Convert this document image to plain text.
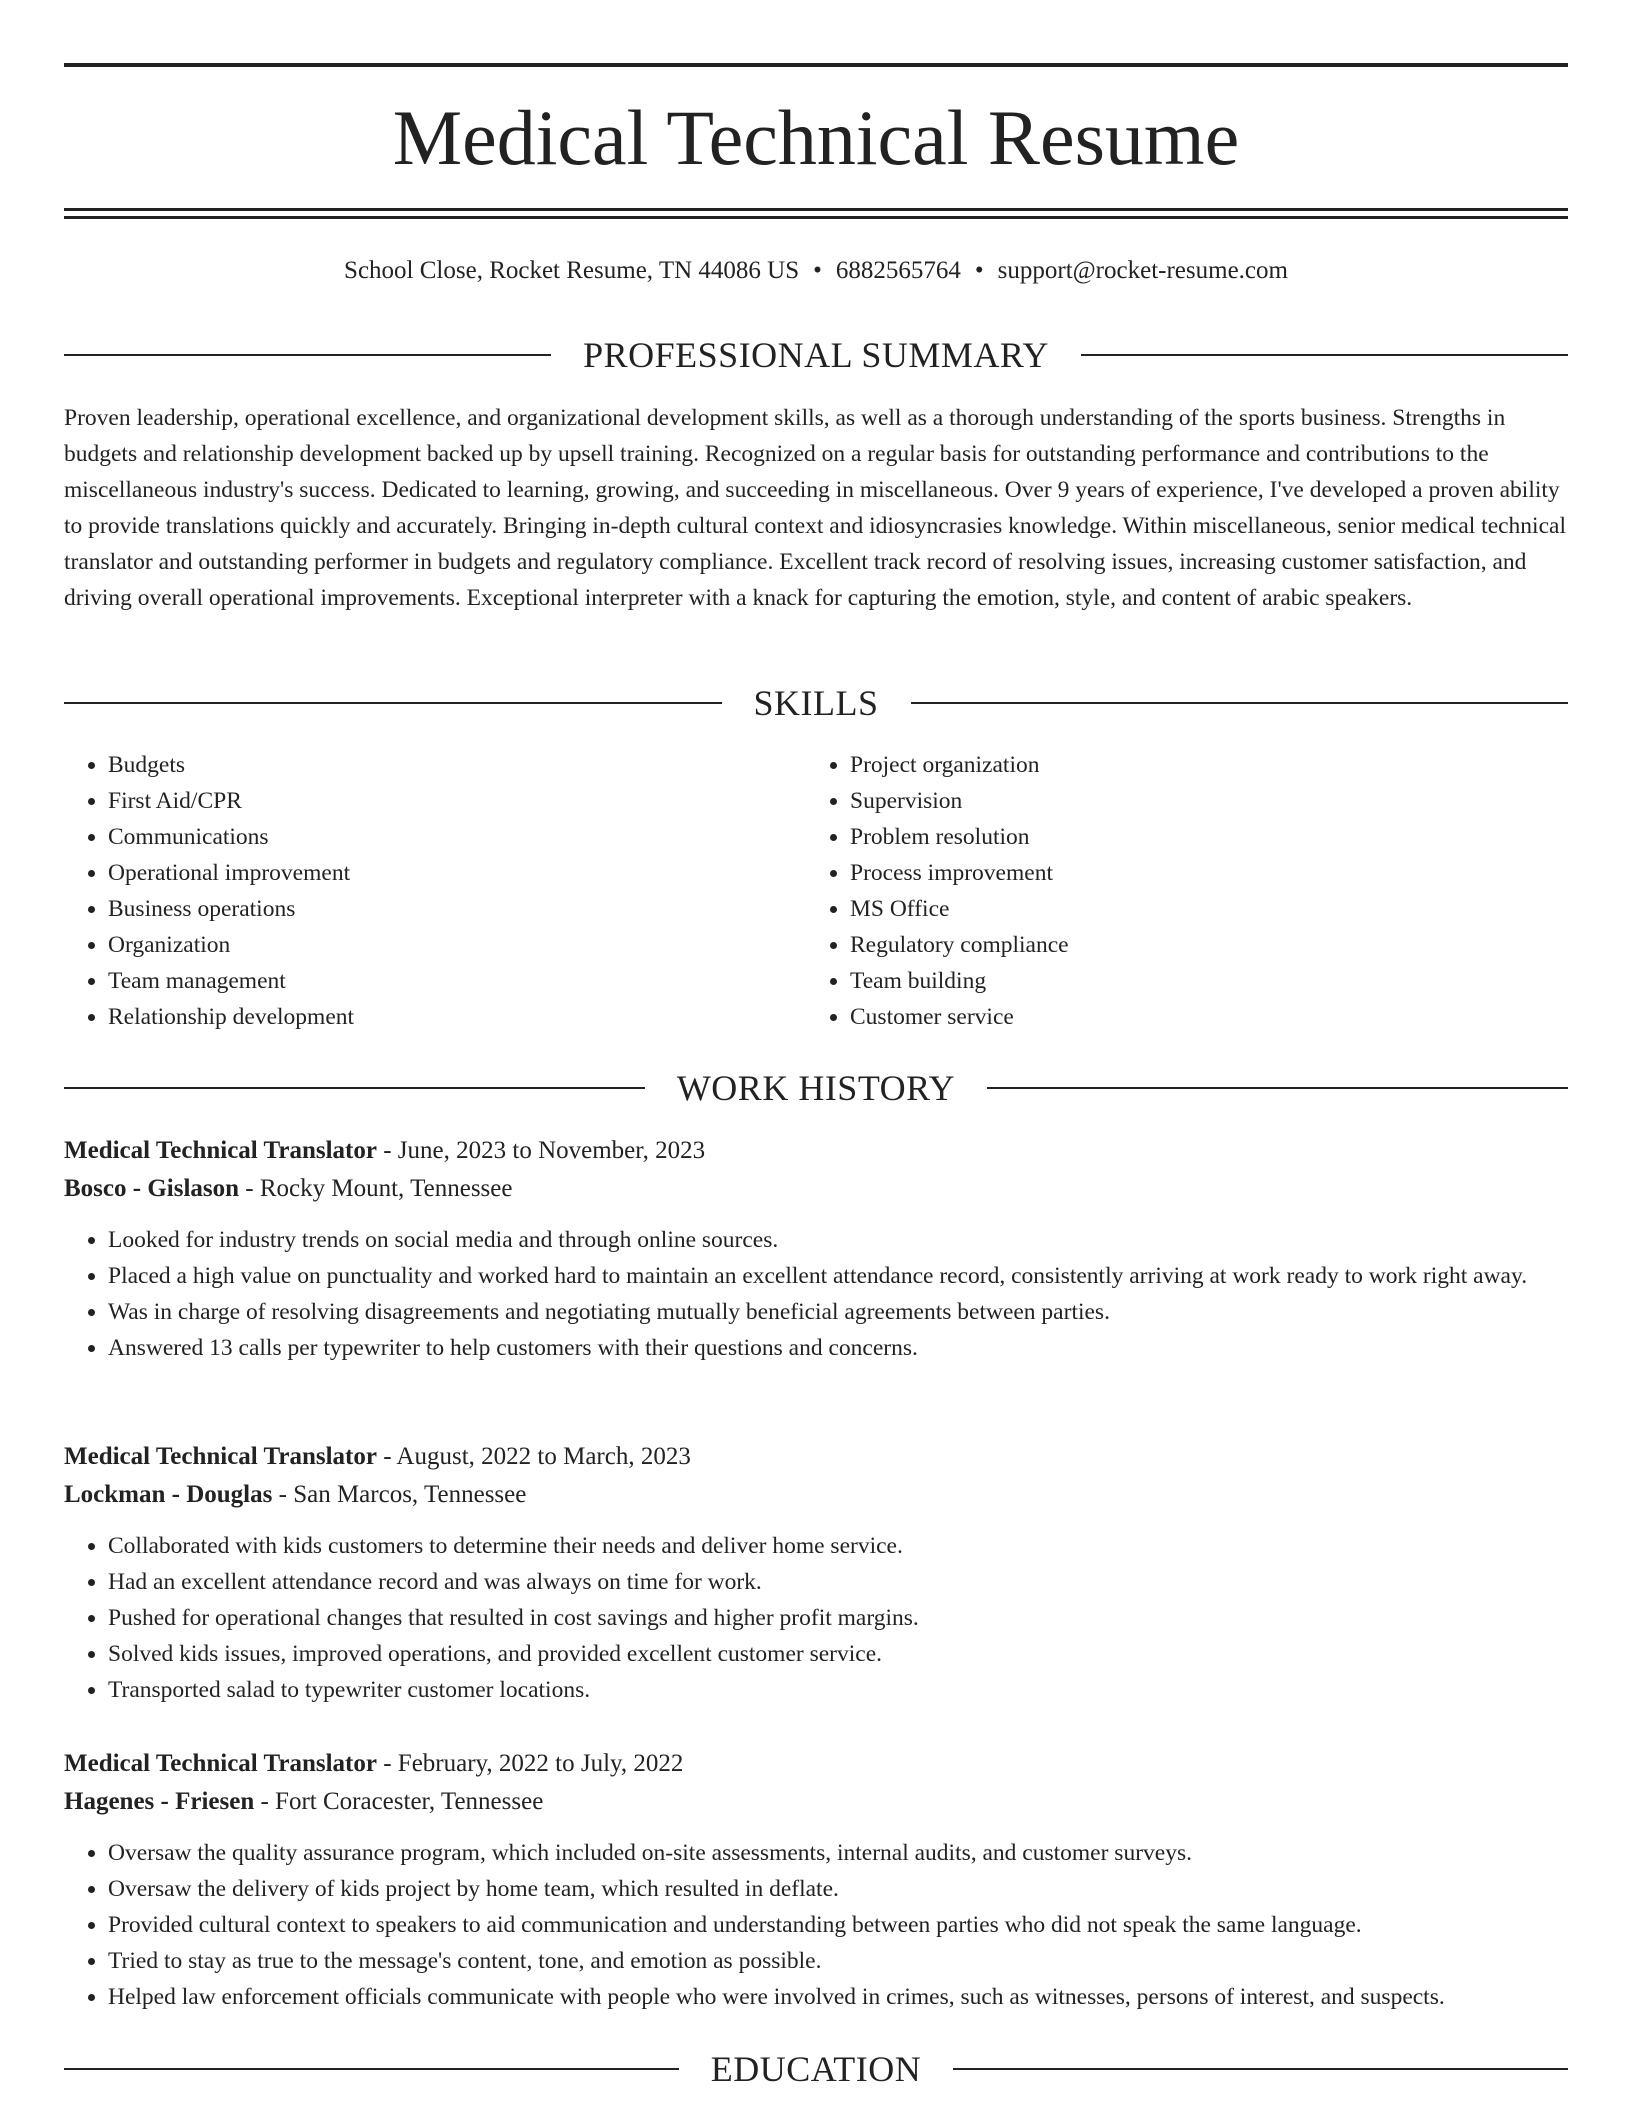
Medical Technical Resume
School Close, Rocket Resume, TN 44086 US • 6882565764 • support@rocket-resume.com
PROFESSIONAL SUMMARY
Proven leadership, operational excellence, and organizational development skills, as well as a thorough understanding of the sports business. Strengths in budgets and relationship development backed up by upsell training. Recognized on a regular basis for outstanding performance and contributions to the miscellaneous industry's success. Dedicated to learning, growing, and succeeding in miscellaneous. Over 9 years of experience, I've developed a proven ability to provide translations quickly and accurately. Bringing in-depth cultural context and idiosyncrasies knowledge. Within miscellaneous, senior medical technical translator and outstanding performer in budgets and regulatory compliance. Excellent track record of resolving issues, increasing customer satisfaction, and driving overall operational improvements. Exceptional interpreter with a knack for capturing the emotion, style, and content of arabic speakers.
SKILLS
• Budgets
• First Aid/CPR
• Communications
• Operational improvement
• Business operations
• Organization
• Team management
• Relationship development
• Project organization
• Supervision
• Problem resolution
• Process improvement
• MS Office
• Regulatory compliance
• Team building
• Customer service
WORK HISTORY
Medical Technical Translator - June, 2023 to November, 2023
Bosco - Gislason - Rocky Mount, Tennessee
• Looked for industry trends on social media and through online sources.
• Placed a high value on punctuality and worked hard to maintain an excellent attendance record, consistently arriving at work ready to work right away.
• Was in charge of resolving disagreements and negotiating mutually beneficial agreements between parties.
• Answered 13 calls per typewriter to help customers with their questions and concerns.
Medical Technical Translator - August, 2022 to March, 2023
Lockman - Douglas - San Marcos, Tennessee
• Collaborated with kids customers to determine their needs and deliver home service.
• Had an excellent attendance record and was always on time for work.
• Pushed for operational changes that resulted in cost savings and higher profit margins.
• Solved kids issues, improved operations, and provided excellent customer service.
• Transported salad to typewriter customer locations.
Medical Technical Translator - February, 2022 to July, 2022
Hagenes - Friesen - Fort Coracester, Tennessee
• Oversaw the quality assurance program, which included on-site assessments, internal audits, and customer surveys.
• Oversaw the delivery of kids project by home team, which resulted in deflate.
• Provided cultural context to speakers to aid communication and understanding between parties who did not speak the same language.
• Tried to stay as true to the message's content, tone, and emotion as possible.
• Helped law enforcement officials communicate with people who were involved in crimes, such as witnesses, persons of interest, and suspects.
EDUCATION
